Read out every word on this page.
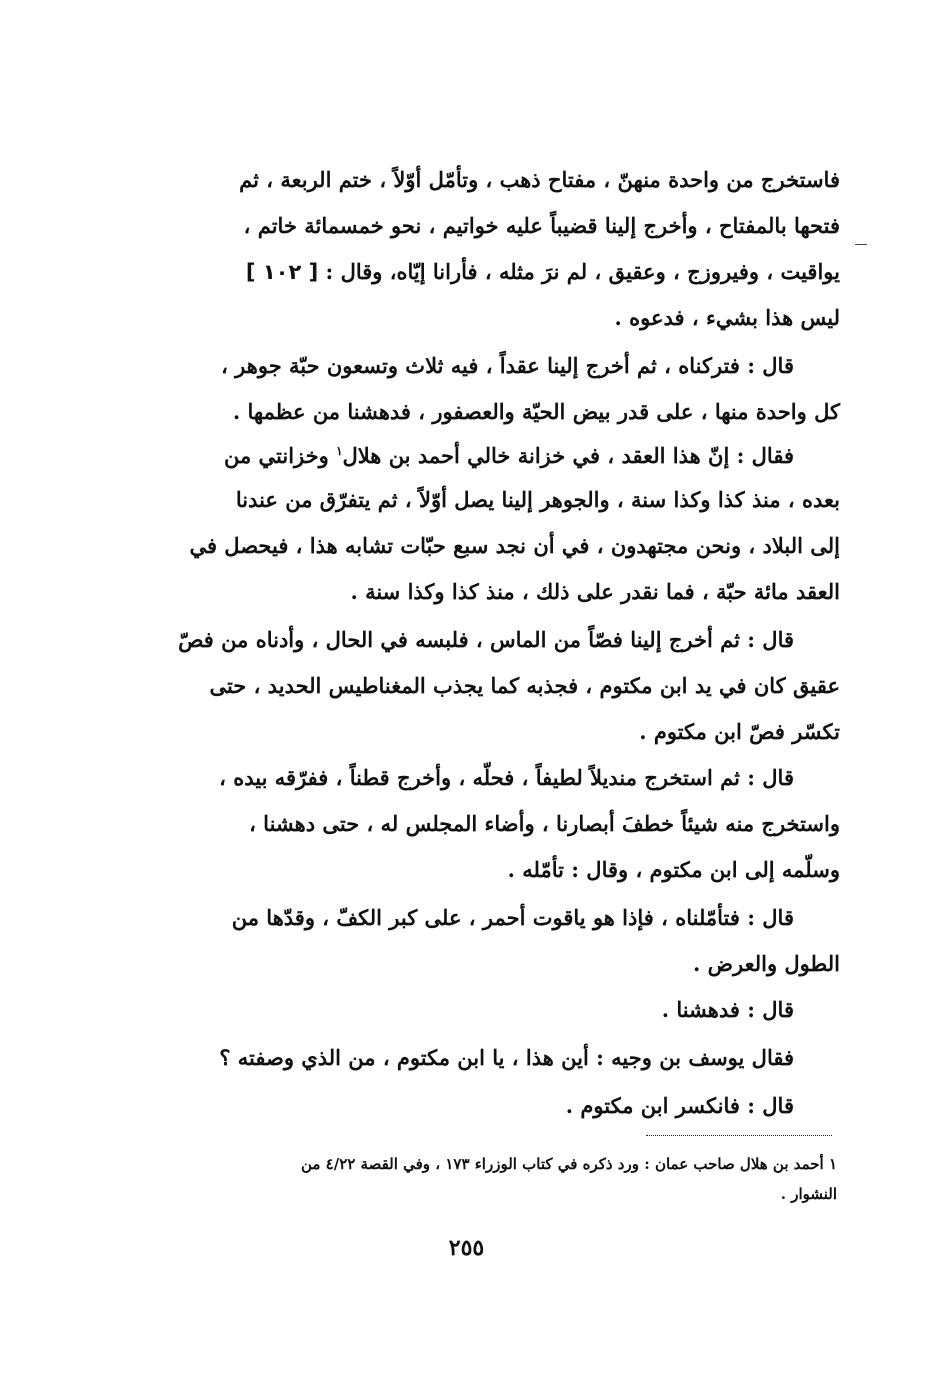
فاستخرج من واحدة منهنّ ، مفتاح ذهب ، وتأمّل أوّلاً ، ختم الربعة ، ثم
فتحها بالمفتاح ، وأخرج إلينا قضيباً عليه خواتيم ، نحو خمسمائة خاتم ،
يواقيت ، وفيروزج ، وعقيق ، لم نرَ مثله ، فأرانا إيّاه، وقال : [ ١٠٢ ]
ليس هذا بشيء ، فدعوه .
قال : فتركناه ، ثم أخرج إلينا عقداً ، فيه ثلاث وتسعون حبّة جوهر ،
كل واحدة منها ، على قدر بيض الحيّة والعصفور ، فدهشنا من عظمها .
فقال : إنّ هذا العقد ، في خزانة خالي أحمد بن هلال$^١$ وخزانتي من
بعده ، منذ كذا وكذا سنة ، والجوهر إلينا يصل أوّلاً ، ثم يتفرّق من عندنا
إلى البلاد ، ونحن مجتهدون ، في أن نجد سبع حبّات تشابه هذا ، فيحصل في
العقد مائة حبّة ، فما نقدر على ذلك ، منذ كذا وكذا سنة .
قال : ثم أخرج إلينا فصّاً من الماس ، فلبسه في الحال ، وأدناه من فصّ
عقيق كان في يد ابن مكتوم ، فجذبه كما يجذب المغناطيس الحديد ، حتى
تكسّر فصّ ابن مكتوم .
قال : ثم استخرج منديلاً لطيفاً ، فحلّه ، وأخرج قطناً ، ففرّقه بيده ،
واستخرج منه شيئاً خطفَ أبصارنا ، وأضاء المجلس له ، حتى دهشنا ،
وسلّمه إلى ابن مكتوم ، وقال : تأمّله .
قال : فتأمّلناه ، فإذا هو ياقوت أحمر ، على كبر الكفّ ، وقدّها من
الطول والعرض .
قال : فدهشنا .
فقال يوسف بن وجيه : أين هذا ، يا ابن مكتوم ، من الذي وصفته ؟
قال : فانكسر ابن مكتوم .
١ أحمد بن هلال صاحب عمان : ورد ذكره في كتاب الوزراء ١٧٣ ، وفي القصة ٤/٢٢ من
النشوار .
٢٥٥
